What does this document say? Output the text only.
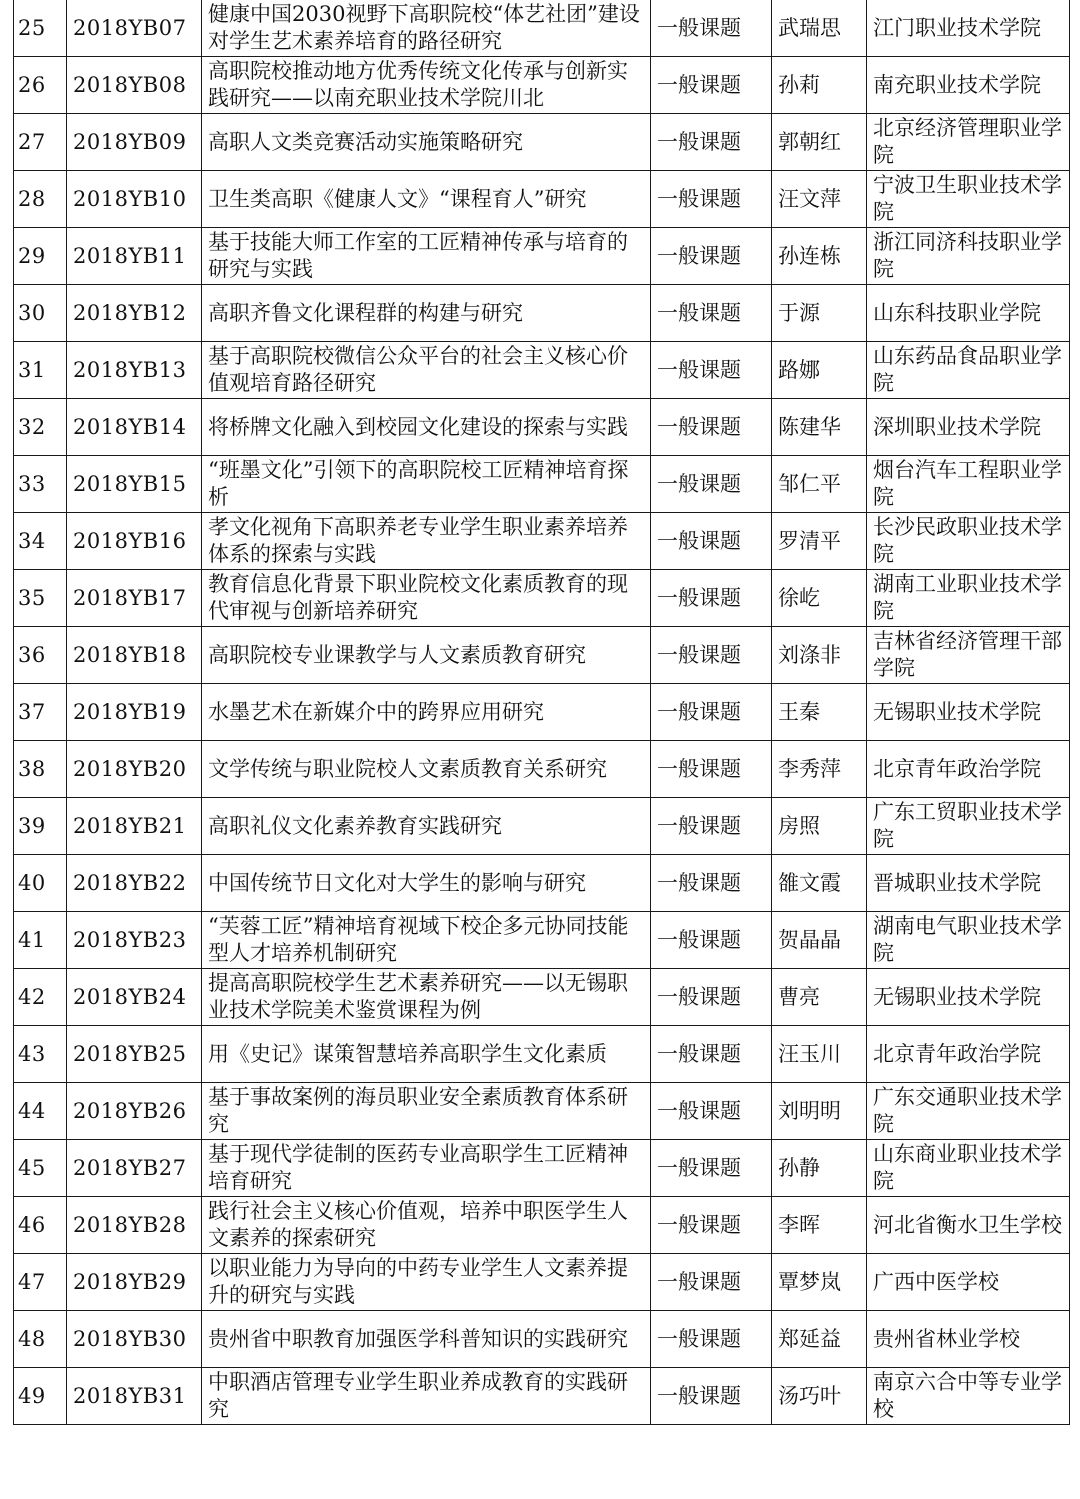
25	2018YB07	健康中国2030视野下高职院校“体艺社团”建设对学生艺术素养培育的路径研究	一般课题	武瑞思	江门职业技术学院
26	2018YB08	高职院校推动地方优秀传统文化传承与创新实践研究——以南充职业技术学院川北	一般课题	孙莉	南充职业技术学院
27	2018YB09	高职人文类竞赛活动实施策略研究	一般课题	郭朝红	北京经济管理职业学院
28	2018YB10	卫生类高职《健康人文》“课程育人”研究	一般课题	汪文萍	宁波卫生职业技术学院
29	2018YB11	基于技能大师工作室的工匠精神传承与培育的研究与实践	一般课题	孙连栋	浙江同济科技职业学院
30	2018YB12	高职齐鲁文化课程群的构建与研究	一般课题	于源	山东科技职业学院
31	2018YB13	基于高职院校微信公众平台的社会主义核心价值观培育路径研究	一般课题	路娜	山东药品食品职业学院
32	2018YB14	将桥牌文化融入到校园文化建设的探索与实践	一般课题	陈建华	深圳职业技术学院
33	2018YB15	“班墨文化”引领下的高职院校工匠精神培育探析	一般课题	邹仁平	烟台汽车工程职业学院
34	2018YB16	孝文化视角下高职养老专业学生职业素养培养体系的探索与实践	一般课题	罗清平	长沙民政职业技术学院
35	2018YB17	教育信息化背景下职业院校文化素质教育的现代审视与创新培养研究	一般课题	徐屹	湖南工业职业技术学院
36	2018YB18	高职院校专业课教学与人文素质教育研究	一般课题	刘涤非	吉林省经济管理干部学院
37	2018YB19	水墨艺术在新媒介中的跨界应用研究	一般课题	王秦	无锡职业技术学院
38	2018YB20	文学传统与职业院校人文素质教育关系研究	一般课题	李秀萍	北京青年政治学院
39	2018YB21	高职礼仪文化素养教育实践研究	一般课题	房照	广东工贸职业技术学院
40	2018YB22	中国传统节日文化对大学生的影响与研究	一般课题	雒文霞	晋城职业技术学院
41	2018YB23	“芙蓉工匠”精神培育视域下校企多元协同技能型人才培养机制研究	一般课题	贺晶晶	湖南电气职业技术学院
42	2018YB24	提高高职院校学生艺术素养研究——以无锡职业技术学院美术鉴赏课程为例	一般课题	曹亮	无锡职业技术学院
43	2018YB25	用《史记》谋策智慧培养高职学生文化素质	一般课题	汪玉川	北京青年政治学院
44	2018YB26	基于事故案例的海员职业安全素质教育体系研究	一般课题	刘明明	广东交通职业技术学院
45	2018YB27	基于现代学徒制的医药专业高职学生工匠精神培育研究	一般课题	孙静	山东商业职业技术学院
46	2018YB28	践行社会主义核心价值观，培养中职医学生人文素养的探索研究	一般课题	李晖	河北省衡水卫生学校
47	2018YB29	以职业能力为导向的中药专业学生人文素养提升的研究与实践	一般课题	覃梦岚	广西中医学校
48	2018YB30	贵州省中职教育加强医学科普知识的实践研究	一般课题	郑延益	贵州省林业学校
49	2018YB31	中职酒店管理专业学生职业养成教育的实践研究	一般课题	汤巧叶	南京六合中等专业学校
